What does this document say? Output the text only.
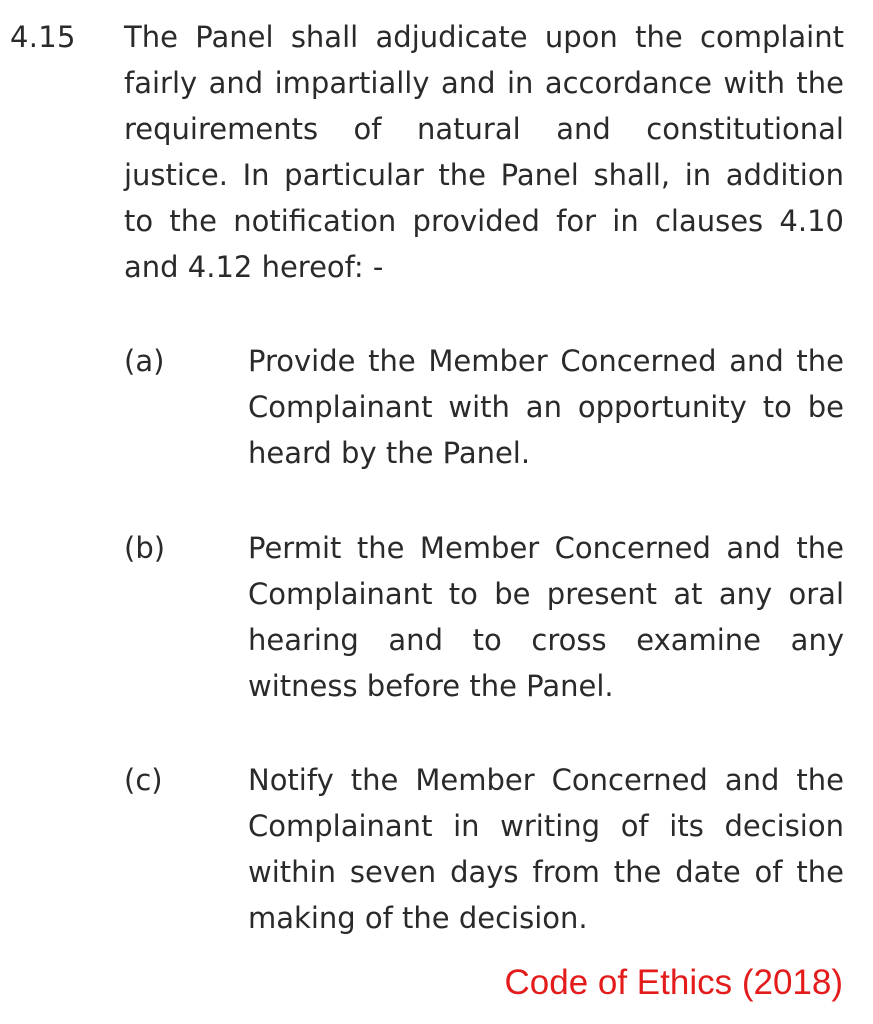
4.15 The Panel shall adjudicate upon the complaint fairly and impartially and in accordance with the requirements of natural and constitutional justice. In particular the Panel shall, in addition to the notification provided for in clauses 4.10 and 4.12 hereof: -
(a)	Provide the Member Concerned and the Complainant with an opportunity to be heard by the Panel.
(b)	Permit the Member Concerned and the Complainant to be present at any oral hearing and to cross examine any witness before the Panel.
(c)	Notify the Member Concerned and the Complainant in writing of its decision within seven days from the date of the making of the decision.
Code of Ethics (2018)
